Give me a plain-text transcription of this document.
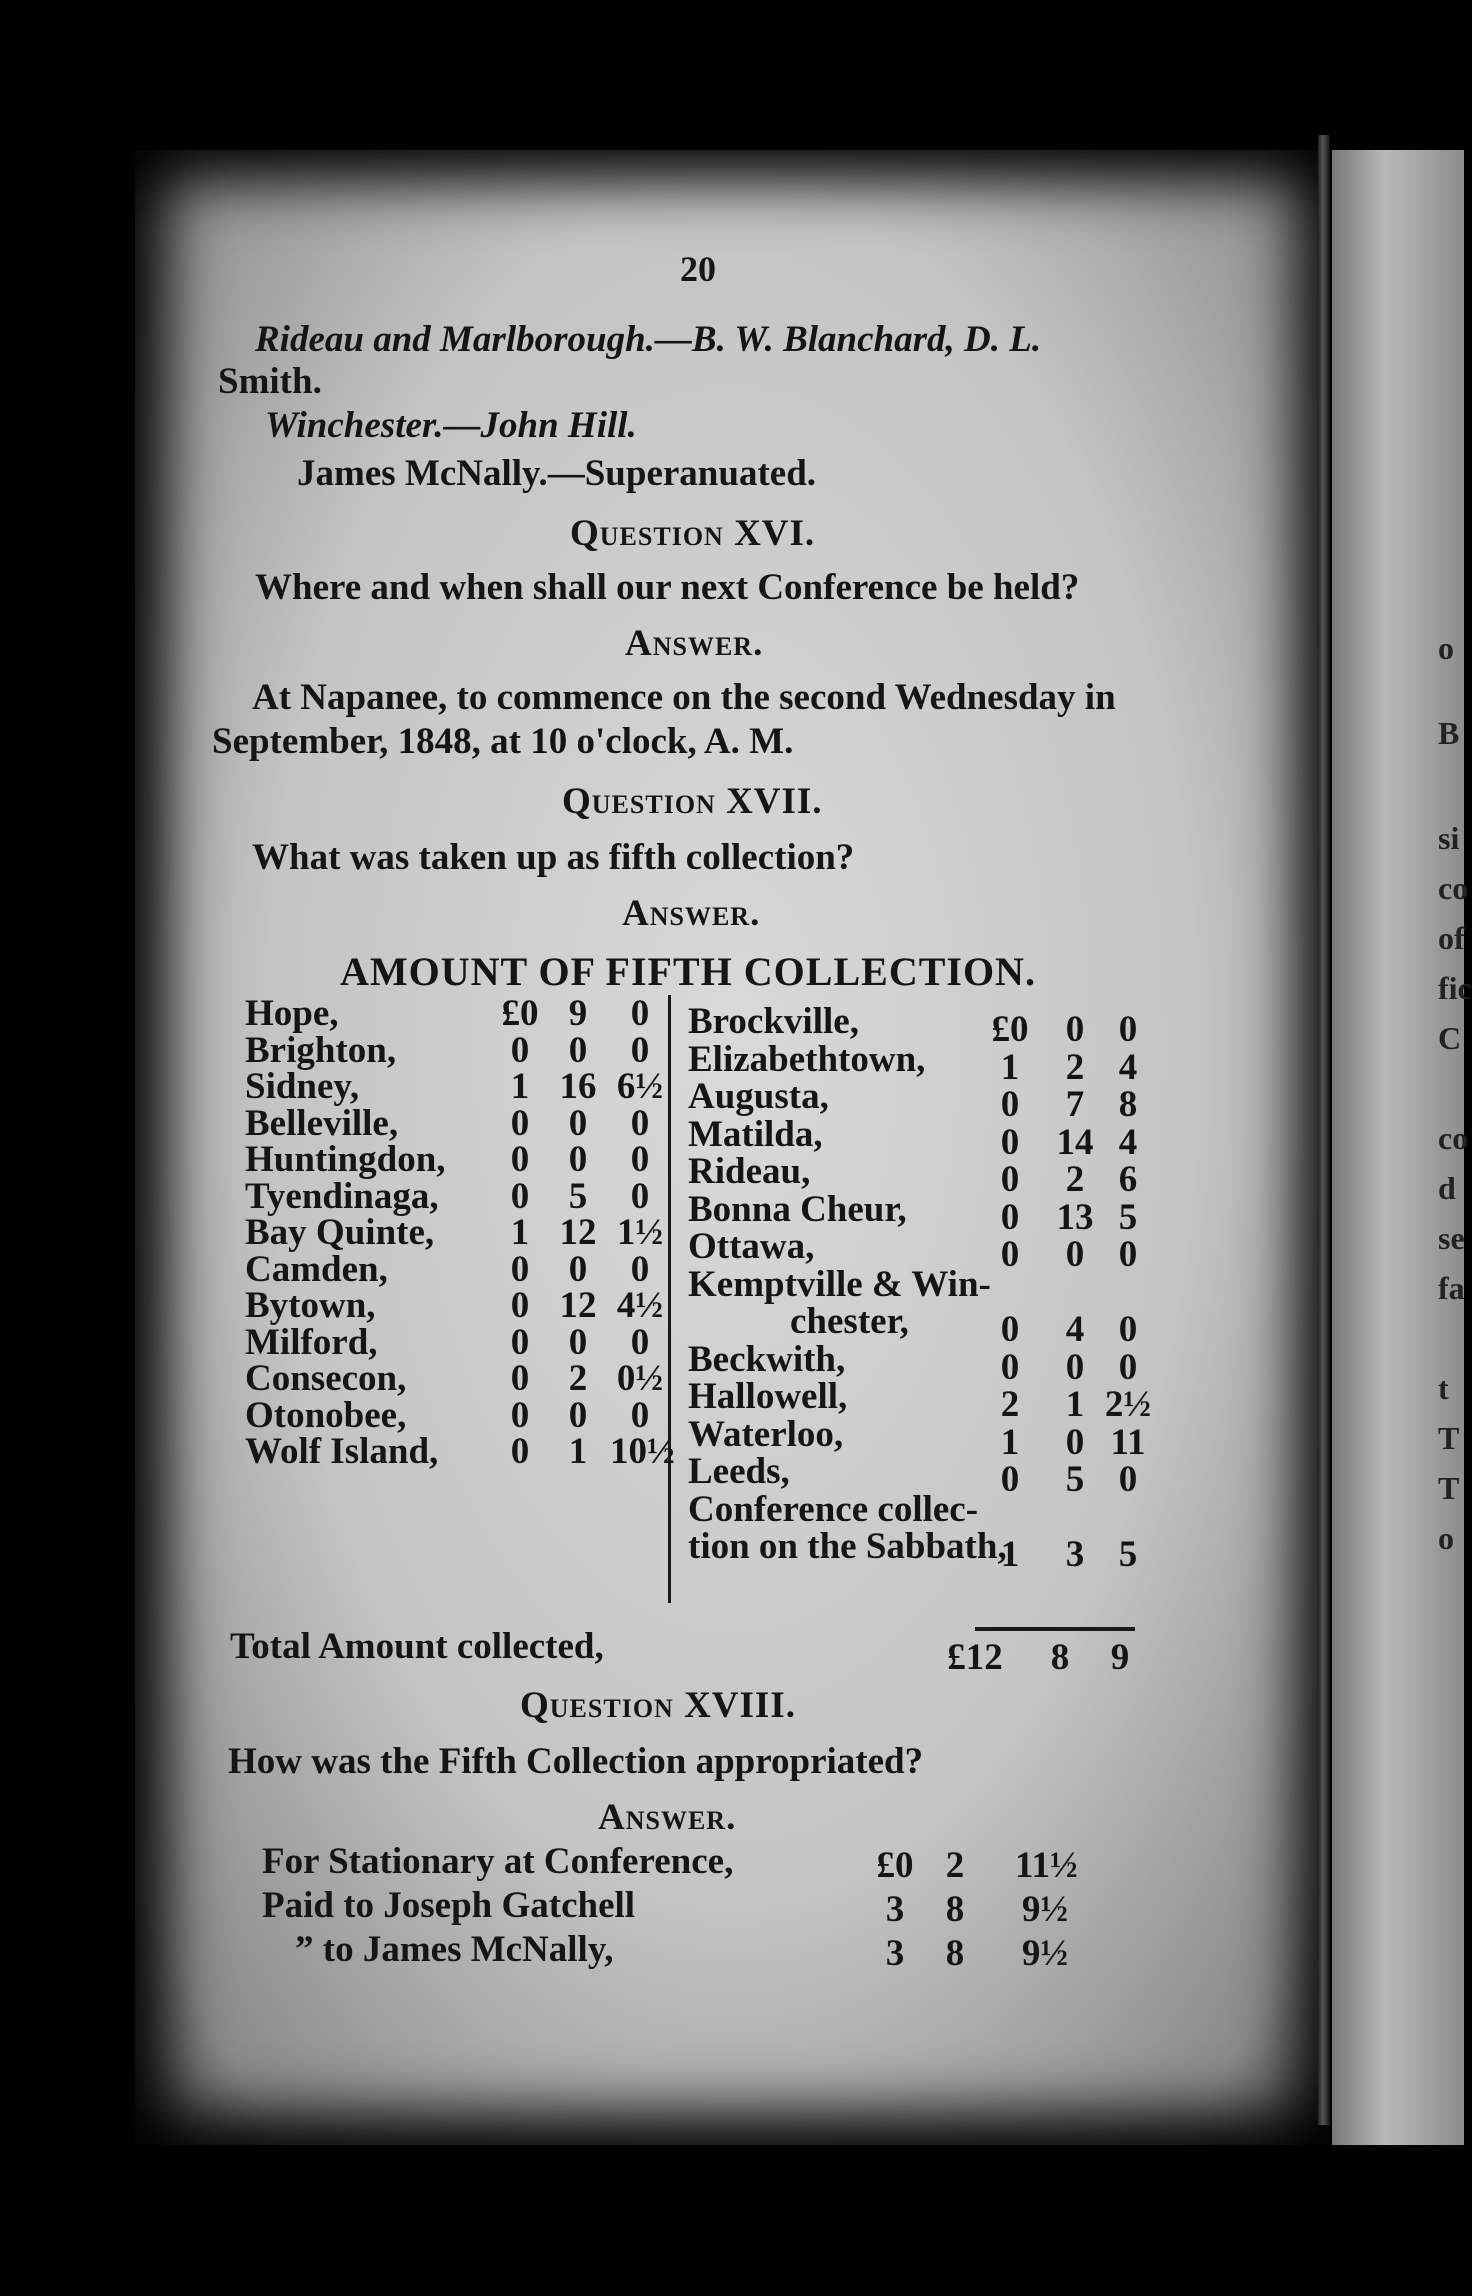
o
B
si
co
of
fic
C
co
d
se
fa
t
T
T
o
20
Rideau and Marlborough.—B. W. Blanchard, D. L.
Smith.
Winchester.—John Hill.
James McNally.—Superanuated.
Question XVI.
Where and when shall our next Conference be held?
Answer.
At Napanee, to commence on the second Wednesday in
September, 1848, at 10 o'clock, A. M.
Question XVII.
What was taken up as fifth collection?
Answer.
AMOUNT OF FIFTH COLLECTION.
Hope,	£0 9	0
Brighton,	0	0	0
Sidney,	1 16 6½
Belleville,	0	0	0
Huntingdon,	0	0	0
Tyendinaga,	0	5	0
Bay Quinte,	1 12 1½
Camden,	0	0	0
Bytown,	0 12 4½
Milford,	0	0	0
Consecon,	0	2 0½
Otonobee,	0	0	0
Wolf Island,	0	1 10½
Brockville,	£0	0 0
Elizabethtown,	1	2 4
Augusta,	0	7 8
Matilda,	0	14 4
Rideau,	0	2 6
Bonna Cheur,	0	13 5
Ottawa,	0	0 0
Kemptville & Win-
chester,	0	4 0
Beckwith,	0	0 0
Hallowell,	2	1 2½
Waterloo,	1	0 11
Leeds,	0	5 0
Conference collec-
tion on the Sabbath,
1	3 5
Total Amount collected,	£12	8	9
Question XVIII.
How was the Fifth Collection appropriated?
Answer.
For Stationary at Conference,	£0 2	11½
Paid to Joseph Gatchell	3	8	9½
” to James McNally,	3	8	9½
